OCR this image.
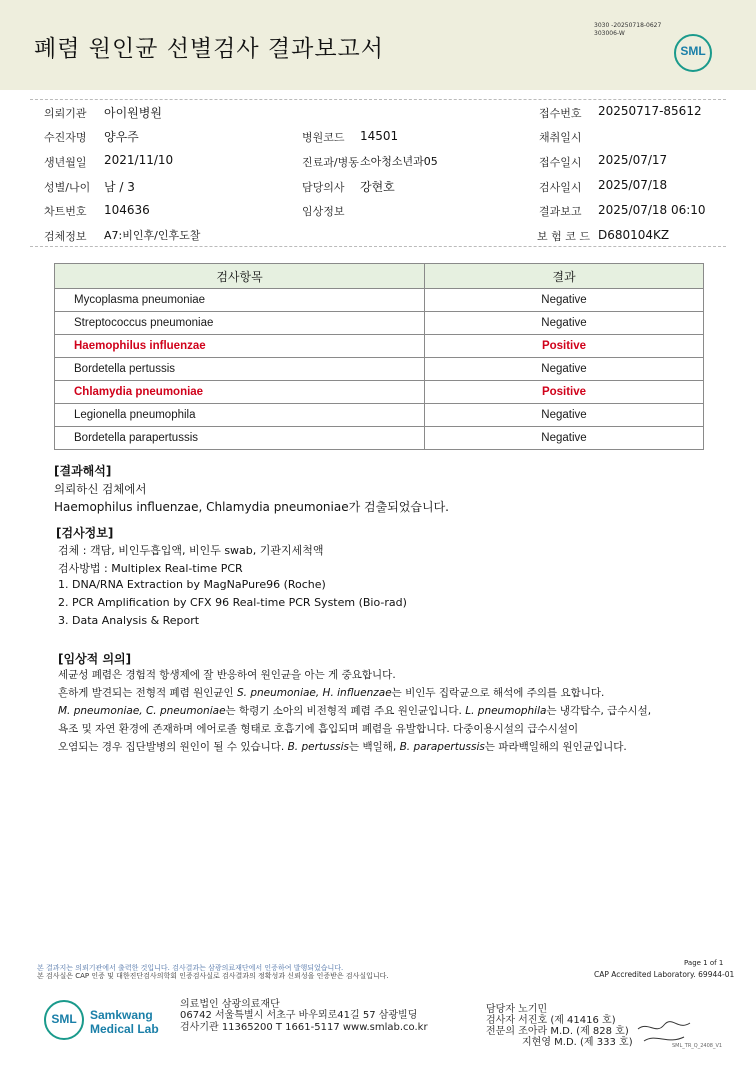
폐렴 원인균 선별검사 결과보고서
3030 -20250718-0627
303006-W
SML
의뢰기관 아이원병원	접수번호 20250717-85612
수진자명 양우주	병원코드 14501	채취일시
생년월일 2021/11/10	진료과/병동 소아청소년과05	접수일시 2025/07/17
성별/나이 남 / 3	담당의사 강현호	검사일시 2025/07/18
차트번호 104636	임상정보	결과보고 2025/07/18 06:10
검체정보 A7:비인후/인후도찰	보 험 코 드 D680104KZ
검사항목	결과
Mycoplasma pneumoniae	Negative
Streptococcus pneumoniae	Negative
Haemophilus influenzae	Positive
Bordetella pertussis	Negative
Chlamydia pneumoniae	Positive
Legionella pneumophila	Negative
Bordetella parapertussis	Negative
[결과해석]
의뢰하신 검체에서
Haemophilus influenzae, Chlamydia pneumoniae가 검출되었습니다.
[검사정보]
검체 : 객담, 비인두흡입액, 비인두 swab, 기관지세척액
검사방법 : Multiplex Real-time PCR
1. DNA/RNA Extraction by MagNaPure96 (Roche)
2. PCR Amplification by CFX 96 Real-time PCR System (Bio-rad)
3. Data Analysis & Report
[임상적 의의]
세균성 폐렴은 경험적 항생제에 잘 반응하여 원인균을 아는 게 중요합니다.
흔하게 발견되는 전형적 폐렴 원인균인 S. pneumoniae, H. influenzae는 비인두 집락균으로 해석에 주의를 요합니다.
M. pneumoniae, C. pneumoniae는 학령기 소아의 비전형적 폐렴 주요 원인균입니다. L. pneumophila는 냉각탑수, 급수시설,
욕조 및 자연 환경에 존재하며 에어로졸 형태로 호흡기에 흡입되며 폐렴을 유발합니다. 다중이용시설의 급수시설이
오염되는 경우 집단발병의 원인이 될 수 있습니다. B. pertussis는 백일해, B. parapertussis는 파라백일해의 원인균입니다.
본 결과지는 의뢰기관에서 출력한 것입니다. 검사결과는 삼광의료재단에서 인증하여 발행되었습니다.
본 검사실은 CAP 인증 및 대한진단검사의학회 인증검사실로 검사결과의 정확성과 신뢰성을 인증받은 검사실입니다.
Page 1 of 1
CAP Accredited Laboratory. 69944-01
SML Samkwang
Medical Lab
의료법인 삼광의료재단
06742 서울특별시 서초구 바우뫼로41길 57 삼광빌딩
검사기관 11365200 T 1661-5117 www.smlab.co.kr
담당자 노기민
검사자 서진호 (제 41416 호)
전문의 조아라 M.D. (제 828 호)
지현영 M.D. (제 333 호)	SML_TR_Q_2408_V1
